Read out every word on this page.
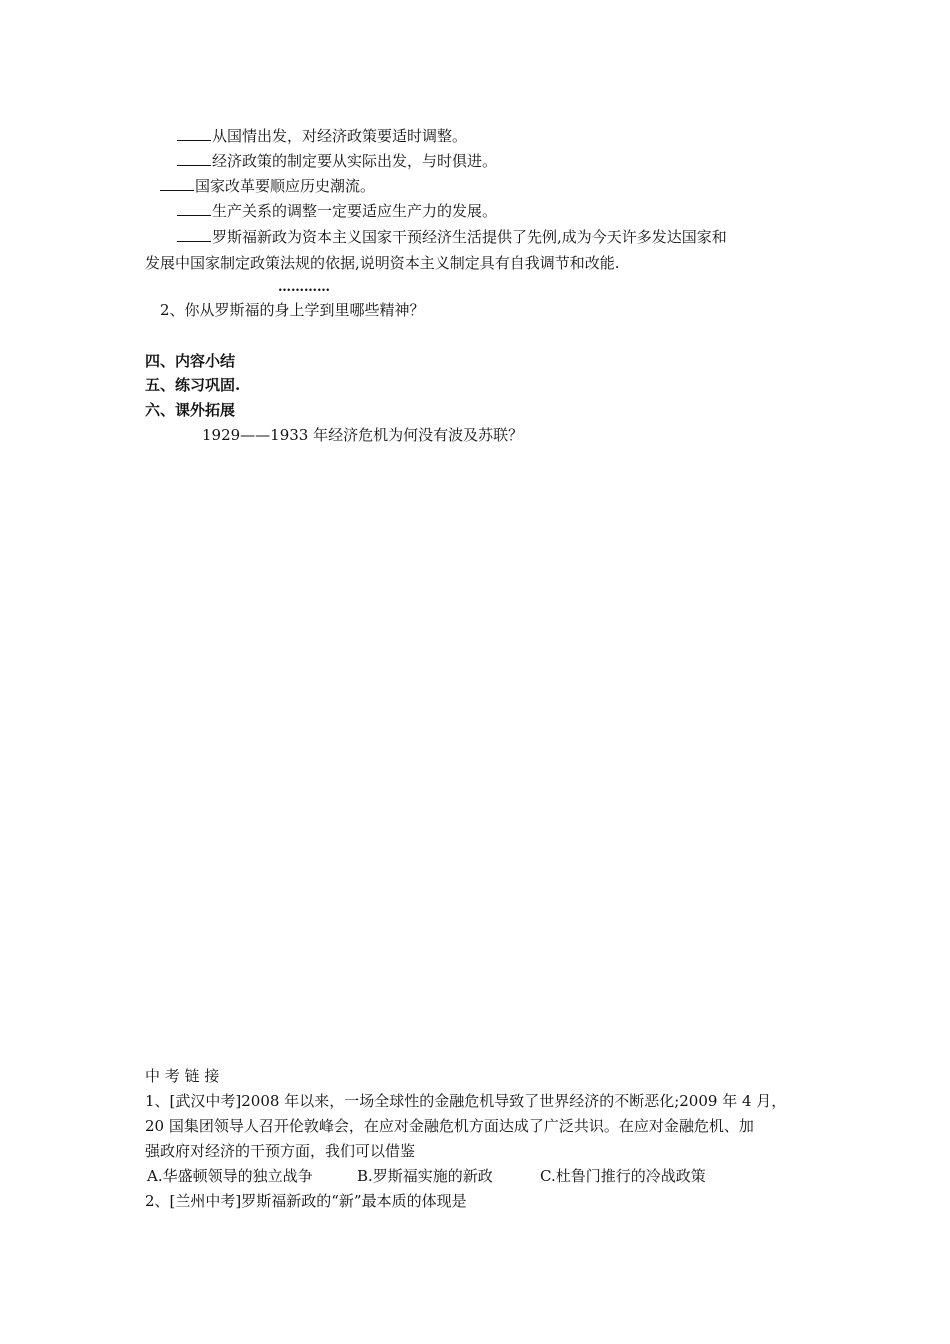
从国情出发，对经济政策要适时调整。
经济政策的制定要从实际出发，与时俱进。
国家改革要顺应历史潮流。
生产关系的调整一定要适应生产力的发展。
罗斯福新政为资本主义国家干预经济生活提供了先例,成为今天许多发达国家和
发展中国家制定政策法规的依据,说明资本主义制定具有自我调节和改能.
…………
2、你从罗斯福的身上学到里哪些精神？
四、内容小结
五、练习巩固.
六、课外拓展
1929——1933 年经济危机为何没有波及苏联？
中 考 链 接
1、[武汉中考]2008 年以来，一场全球性的金融危机导致了世界经济的不断恶化;2009 年 4 月，
20 国集团领导人召开伦敦峰会，在应对金融危机方面达成了广泛共识。在应对金融危机、加
强政府对经济的干预方面，我们可以借鉴
A.华盛顿领导的独立战争	B.罗斯福实施的新政	C.杜鲁门推行的冷战政策
2、[兰州中考]罗斯福新政的“新”最本质的体现是
